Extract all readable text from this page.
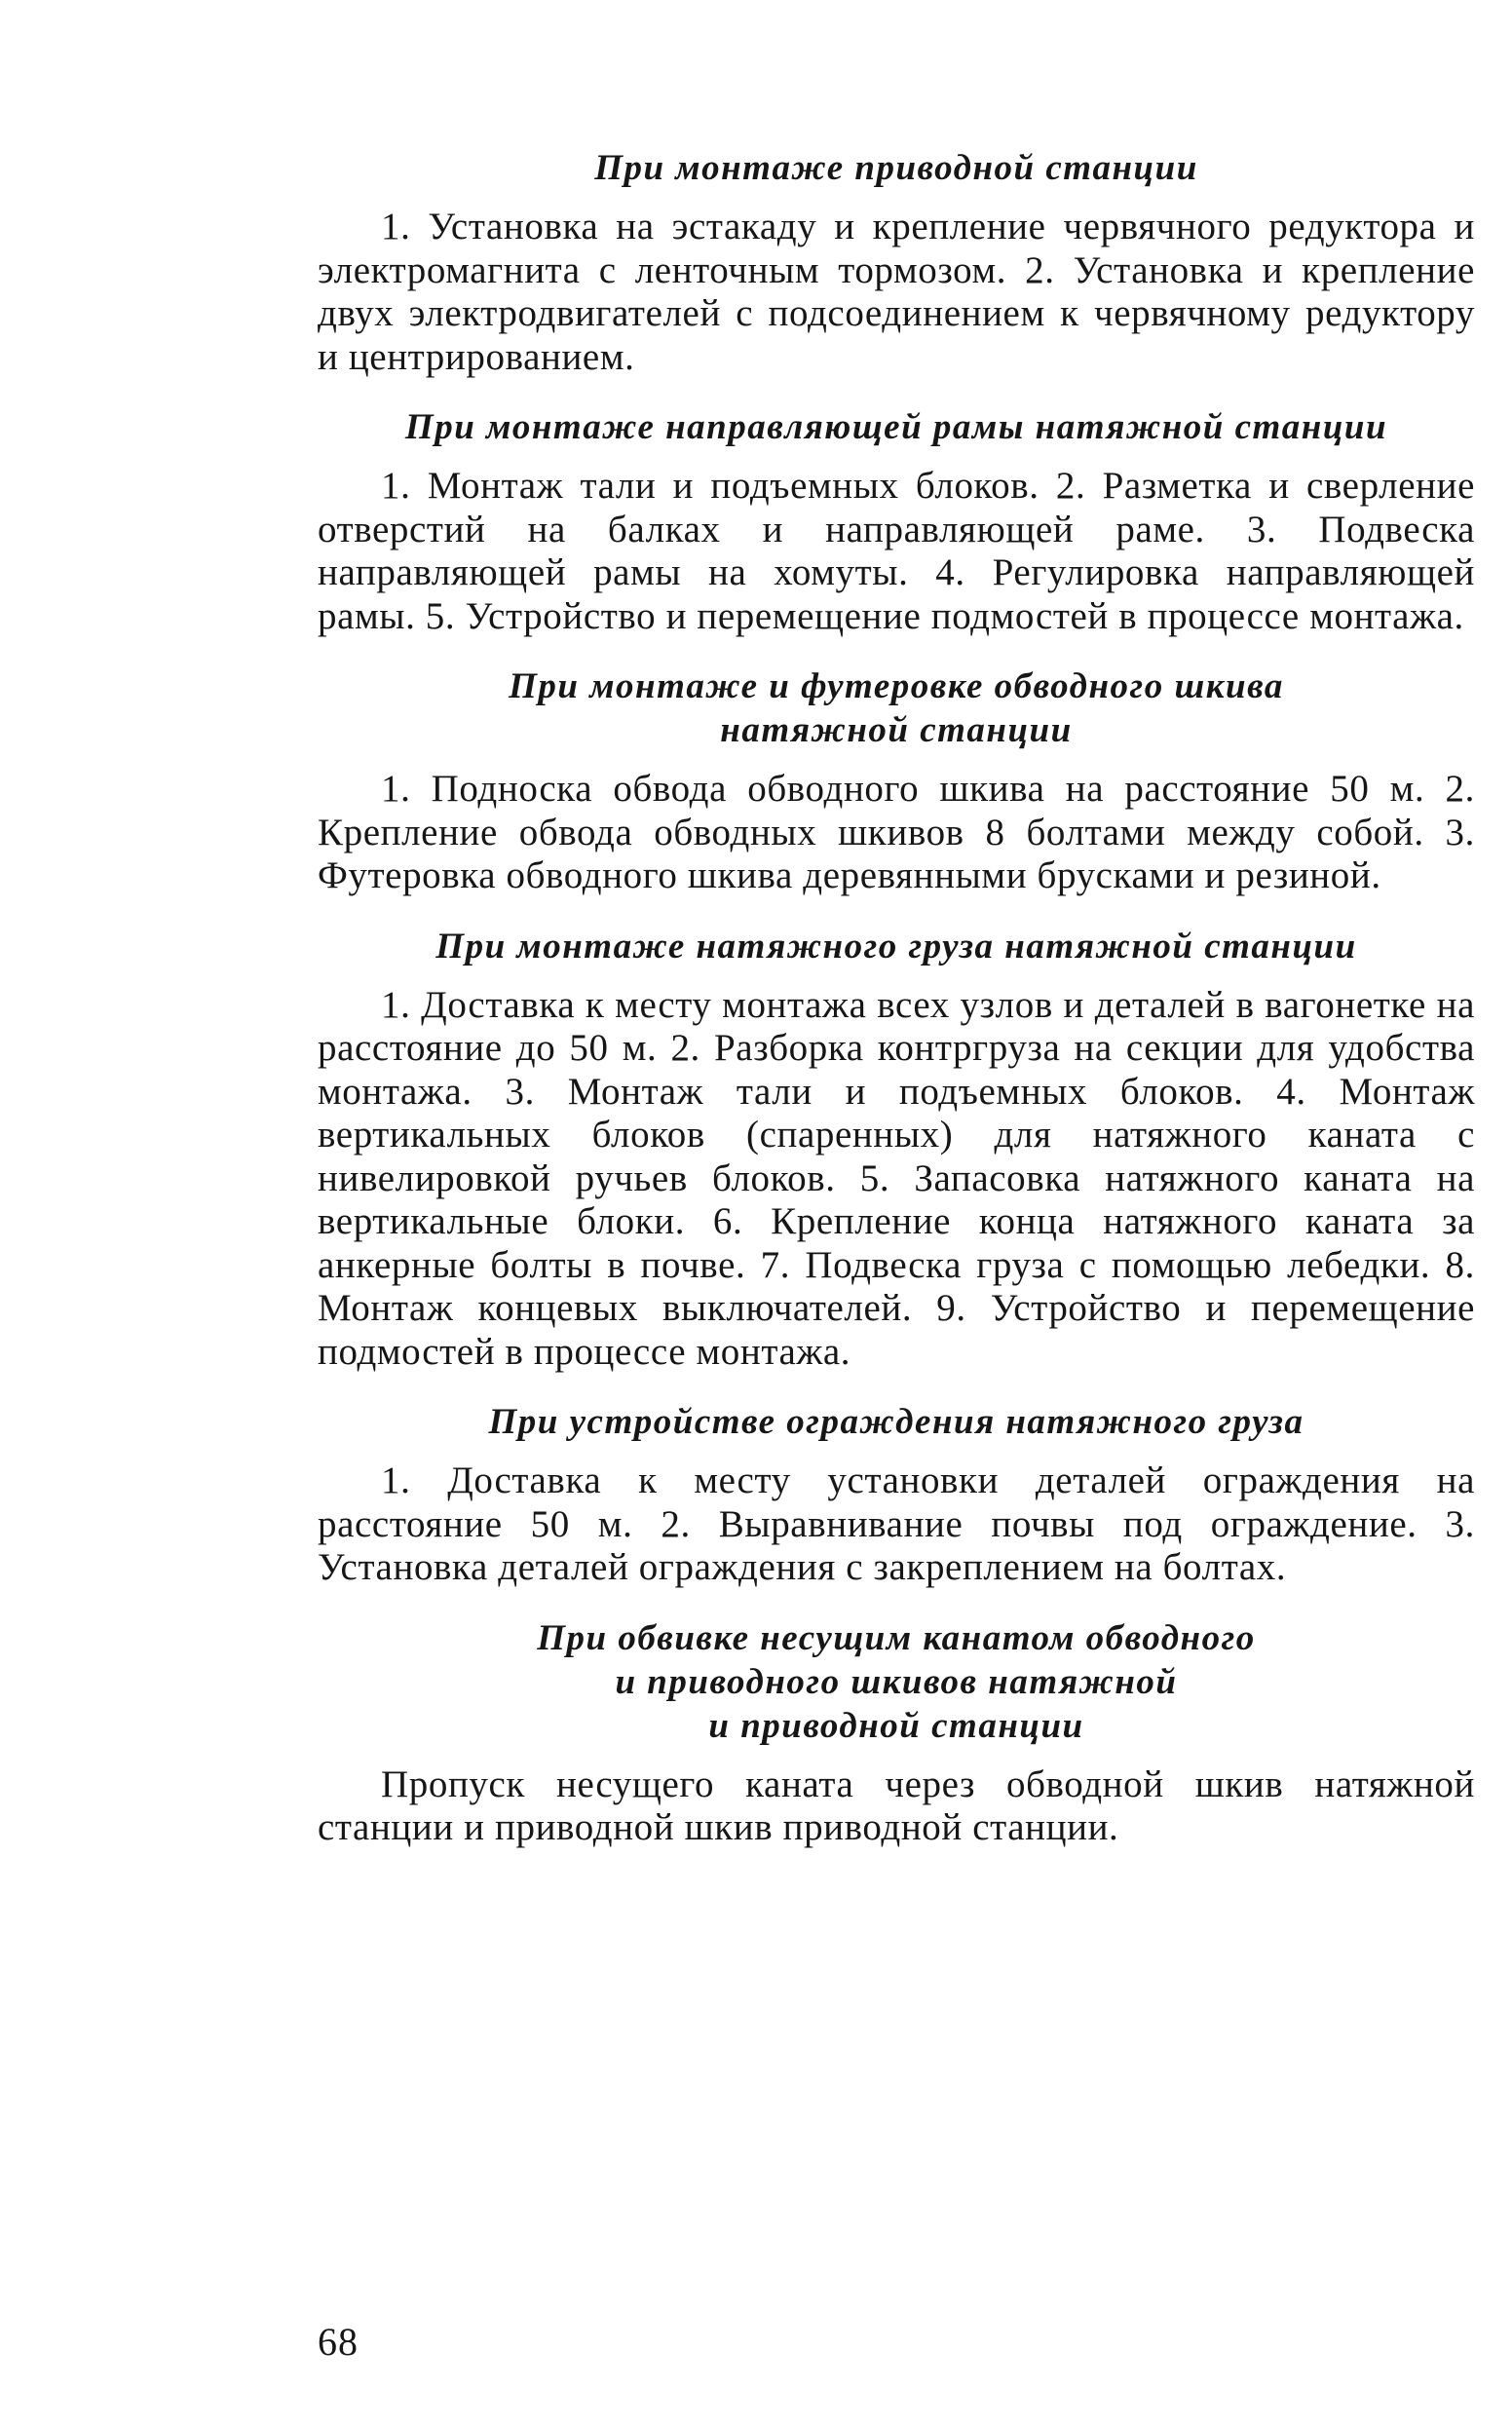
При монтаже приводной станции

1. Установка на эстакаду и крепление червячного редуктора и электромагнита с ленточным тормозом. 2. Установка и крепление двух электродвигателей с подсоединением к червячному редуктору и центрированием.

При монтаже направляющей рамы натяжной станции

1. Монтаж тали и подъемных блоков. 2. Разметка и сверление отверстий на балках и направляющей раме. 3. Подвеска направляющей рамы на хомуты. 4. Регулировка направляющей рамы. 5. Устройство и перемещение подмостей в процессе монтажа.

При монтаже и футеровке обводного шкива
натяжной станции

1. Подноска обвода обводного шкива на расстояние 50 м. 2. Крепление обвода обводных шкивов 8 болтами между собой. 3. Футеровка обводного шкива деревянными брусками и резиной.

При монтаже натяжного груза натяжной станции

1. Доставка к месту монтажа всех узлов и деталей в вагонетке на расстояние до 50 м. 2. Разборка контргруза на секции для удобства монтажа. 3. Монтаж тали и подъемных блоков. 4. Монтаж вертикальных блоков (спаренных) для натяжного каната с нивелировкой ручьев блоков. 5. Запасовка натяжного каната на вертикальные блоки. 6. Крепление конца натяжного каната за анкерные болты в почве. 7. Подвеска груза с помощью лебедки. 8. Монтаж концевых выключателей. 9. Устройство и перемещение подмостей в процессе монтажа.

При устройстве ограждения натяжного груза

1. Доставка к месту установки деталей ограждения на расстояние 50 м. 2. Выравнивание почвы под ограждение. 3. Установка деталей ограждения с закреплением на болтах.

При обвивке несущим канатом обводного
и приводного шкивов натяжной
и приводной станции

Пропуск несущего каната через обводной шкив натяжной станции и приводной шкив приводной станции.

68
